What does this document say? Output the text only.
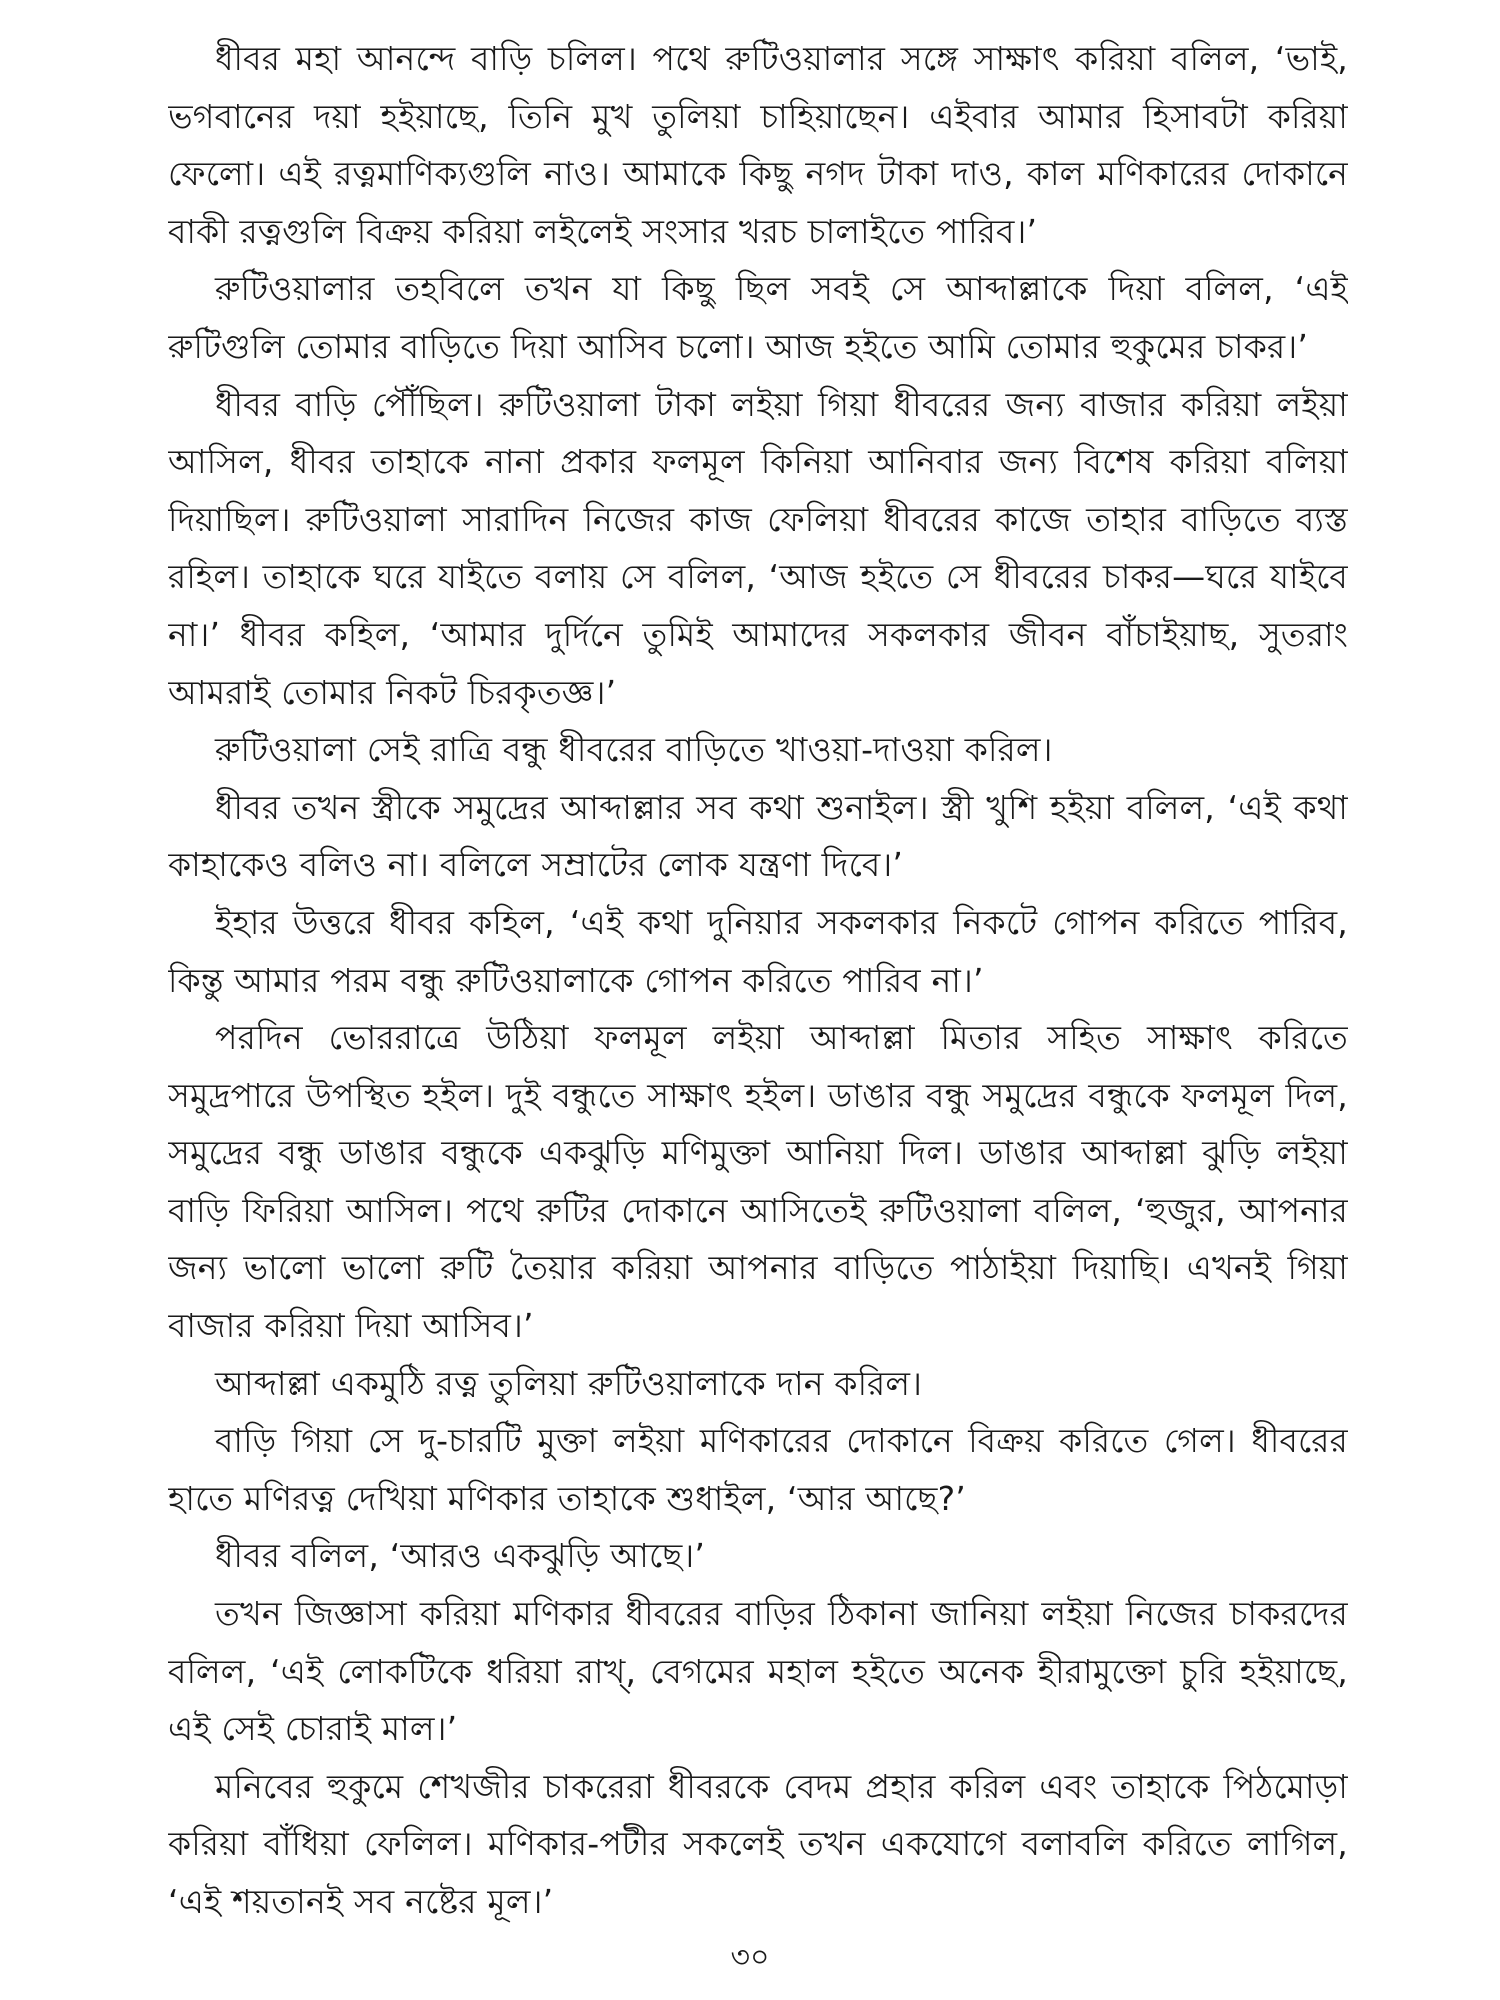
ধীবর মহা আনন্দে বাড়ি চলিল। পথে রুটিওয়ালার সঙ্গে সাক্ষাৎ করিয়া বলিল, ‘ভাই, ভগবানের দয়া হইয়াছে, তিনি মুখ তুলিয়া চাহিয়াছেন। এইবার আমার হিসাবটা করিয়া ফেলো। এই রত্নমাণিক্যগুলি নাও। আমাকে কিছু নগদ টাকা দাও, কাল মণিকারের দোকানে বাকী রত্নগুলি বিক্রয় করিয়া লইলেই সংসার খরচ চালাইতে পারিব।’

রুটিওয়ালার তহবিলে তখন যা কিছু ছিল সবই সে আব্দাল্লাকে দিয়া বলিল, ‘এই রুটিগুলি তোমার বাড়িতে দিয়া আসিব চলো। আজ হইতে আমি তোমার হুকুমের চাকর।’

ধীবর বাড়ি পৌঁছিল। রুটিওয়ালা টাকা লইয়া গিয়া ধীবরের জন্য বাজার করিয়া লইয়া আসিল, ধীবর তাহাকে নানা প্রকার ফলমূল কিনিয়া আনিবার জন্য বিশেষ করিয়া বলিয়া দিয়াছিল। রুটিওয়ালা সারাদিন নিজের কাজ ফেলিয়া ধীবরের কাজে তাহার বাড়িতে ব্যস্ত রহিল। তাহাকে ঘরে যাইতে বলায় সে বলিল, ‘আজ হইতে সে ধীবরের চাকর—ঘরে যাইবে না।’ ধীবর কহিল, ‘আমার দুর্দিনে তুমিই আমাদের সকলকার জীবন বাঁচাইয়াছ, সুতরাং আমরাই তোমার নিকট চিরকৃতজ্ঞ।’

রুটিওয়ালা সেই রাত্রি বন্ধু ধীবরের বাড়িতে খাওয়া-দাওয়া করিল।

ধীবর তখন স্ত্রীকে সমুদ্রের আব্দাল্লার সব কথা শুনাইল। স্ত্রী খুশি হইয়া বলিল, ‘এই কথা কাহাকেও বলিও না। বলিলে সম্রাটের লোক যন্ত্রণা দিবে।’

ইহার উত্তরে ধীবর কহিল, ‘এই কথা দুনিয়ার সকলকার নিকটে গোপন করিতে পারিব, কিন্তু আমার পরম বন্ধু রুটিওয়ালাকে গোপন করিতে পারিব না।’

পরদিন ভোররাত্রে উঠিয়া ফলমূল লইয়া আব্দাল্লা মিতার সহিত সাক্ষাৎ করিতে সমুদ্রপারে উপস্থিত হইল। দুই বন্ধুতে সাক্ষাৎ হইল। ডাঙার বন্ধু সমুদ্রের বন্ধুকে ফলমূল দিল, সমুদ্রের বন্ধু ডাঙার বন্ধুকে একঝুড়ি মণিমুক্তা আনিয়া দিল। ডাঙার আব্দাল্লা ঝুড়ি লইয়া বাড়ি ফিরিয়া আসিল। পথে রুটির দোকানে আসিতেই রুটিওয়ালা বলিল, ‘হুজুর, আপনার জন্য ভালো ভালো রুটি তৈয়ার করিয়া আপনার বাড়িতে পাঠাইয়া দিয়াছি। এখনই গিয়া বাজার করিয়া দিয়া আসিব।’

আব্দাল্লা একমুঠি রত্ন তুলিয়া রুটিওয়ালাকে দান করিল।

বাড়ি গিয়া সে দু-চারটি মুক্তা লইয়া মণিকারের দোকানে বিক্রয় করিতে গেল। ধীবরের হাতে মণিরত্ন দেখিয়া মণিকার তাহাকে শুধাইল, ‘আর আছে?’

ধীবর বলিল, ‘আরও একঝুড়ি আছে।’

তখন জিজ্ঞাসা করিয়া মণিকার ধীবরের বাড়ির ঠিকানা জানিয়া লইয়া নিজের চাকরদের বলিল, ‘এই লোকটিকে ধরিয়া রাখ্, বেগমের মহাল হইতে অনেক হীরামুক্তো চুরি হইয়াছে, এই সেই চোরাই মাল।’

মনিবের হুকুমে শেখজীর চাকরেরা ধীবরকে বেদম প্রহার করিল এবং তাহাকে পিঠমোড়া করিয়া বাঁধিয়া ফেলিল। মণিকার-পটীর সকলেই তখন একযোগে বলাবলি করিতে লাগিল, ‘এই শয়তানই সব নষ্টের মূল।’

৩০
